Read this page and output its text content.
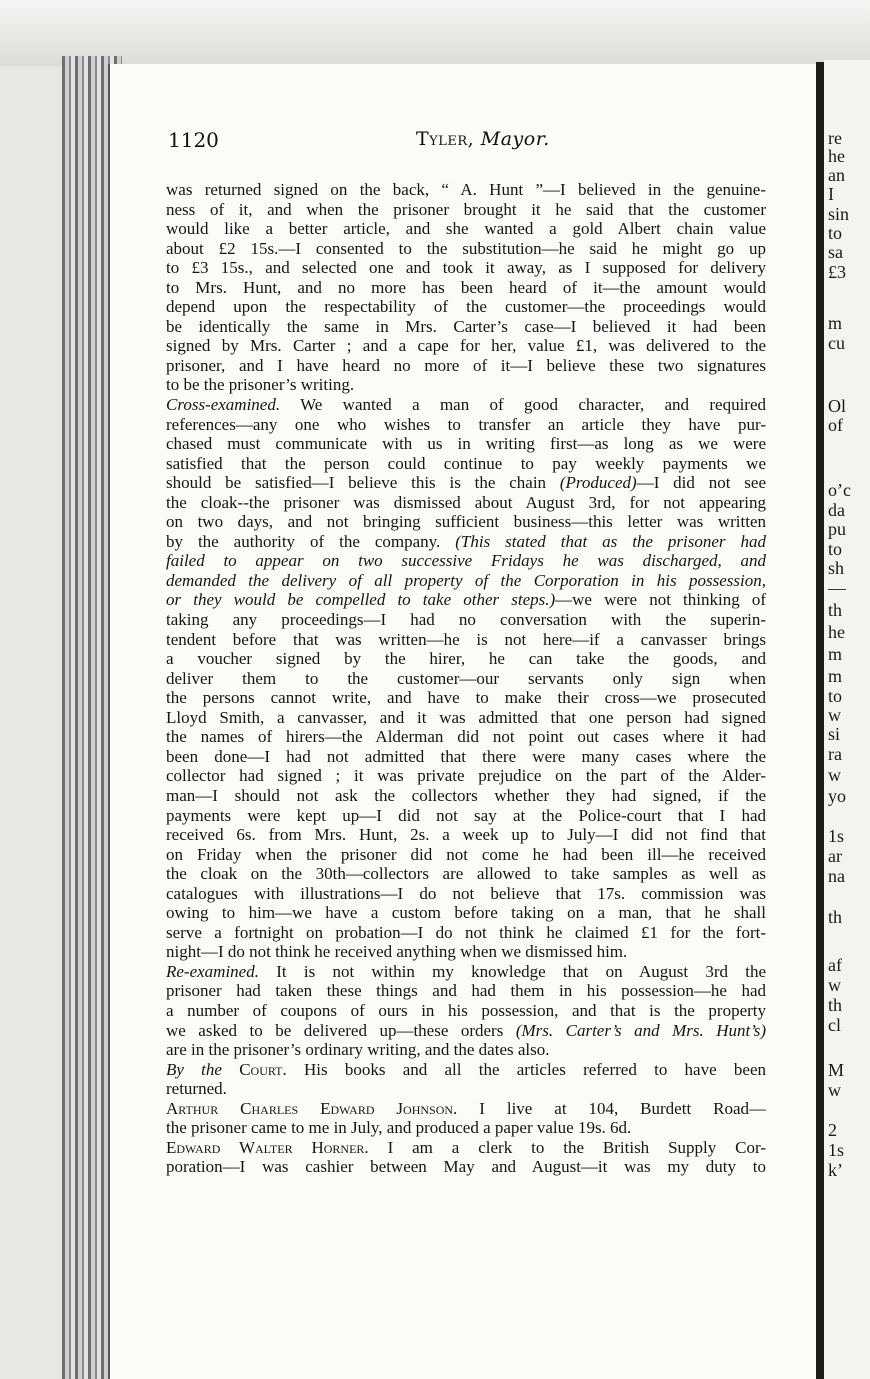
re
he
an
I
sin
to
sa
£3
m
cu
Ol
of
o’c
da
pu
to
sh
—
th
he
m
m
to
w
si
ra
w
yo
1s
ar
na
th
af
w
th
cl
M
w
2
1s
k’
1120	Tyler, Mayor.
was returned signed on the back, “ A. Hunt ”—I believed in the genuine-
ness of it, and when the prisoner brought it he said that the customer
would like a better article, and she wanted a gold Albert chain value
about £2 15s.—I consented to the substitution—he said he might go up
to £3 15s., and selected one and took it away, as I supposed for delivery
to Mrs. Hunt, and no more has been heard of it—the amount would
depend upon the respectability of the customer—the proceedings would
be identically the same in Mrs. Carter’s case—I believed it had been
signed by Mrs. Carter ; and a cape for her, value £1, was delivered to the
prisoner, and I have heard no more of it—I believe these two signatures
to be the prisoner’s writing.
Cross-examined. We wanted a man of good character, and required
references—any one who wishes to transfer an article they have pur-
chased must communicate with us in writing first—as long as we were
satisfied that the person could continue to pay weekly payments we
should be satisfied—I believe this is the chain (Produced)—I did not see
the cloak--the prisoner was dismissed about August 3rd, for not appearing
on two days, and not bringing sufficient business—this letter was written
by the authority of the company. (This stated that as the prisoner had
failed to appear on two successive Fridays he was discharged, and
demanded the delivery of all property of the Corporation in his possession,
or they would be compelled to take other steps.)—we were not thinking of
taking any proceedings—I had no conversation with the superin-
tendent before that was written—he is not here—if a canvasser brings
a voucher signed by the hirer, he can take the goods, and
deliver them to the customer—our servants only sign when
the persons cannot write, and have to make their cross—we prosecuted
Lloyd Smith, a canvasser, and it was admitted that one person had signed
the names of hirers—the Alderman did not point out cases where it had
been done—I had not admitted that there were many cases where the
collector had signed ; it was private prejudice on the part of the Alder-
man—I should not ask the collectors whether they had signed, if the
payments were kept up—I did not say at the Police-court that I had
received 6s. from Mrs. Hunt, 2s. a week up to July—I did not find that
on Friday when the prisoner did not come he had been ill—he received
the cloak on the 30th—collectors are allowed to take samples as well as
catalogues with illustrations—I do not believe that 17s. commission was
owing to him—we have a custom before taking on a man, that he shall
serve a fortnight on probation—I do not think he claimed £1 for the fort-
night—I do not think he received anything when we dismissed him.
Re-examined. It is not within my knowledge that on August 3rd the
prisoner had taken these things and had them in his possession—he had
a number of coupons of ours in his possession, and that is the property
we asked to be delivered up—these orders (Mrs. Carter’s and Mrs. Hunt’s)
are in the prisoner’s ordinary writing, and the dates also.
By the Court. His books and all the articles referred to have been
returned.
Arthur Charles Edward Johnson. I live at 104, Burdett Road—
the prisoner came to me in July, and produced a paper value 19s. 6d.
Edward Walter Horner. I am a clerk to the British Supply Cor-
poration—I was cashier between May and August—it was my duty to
